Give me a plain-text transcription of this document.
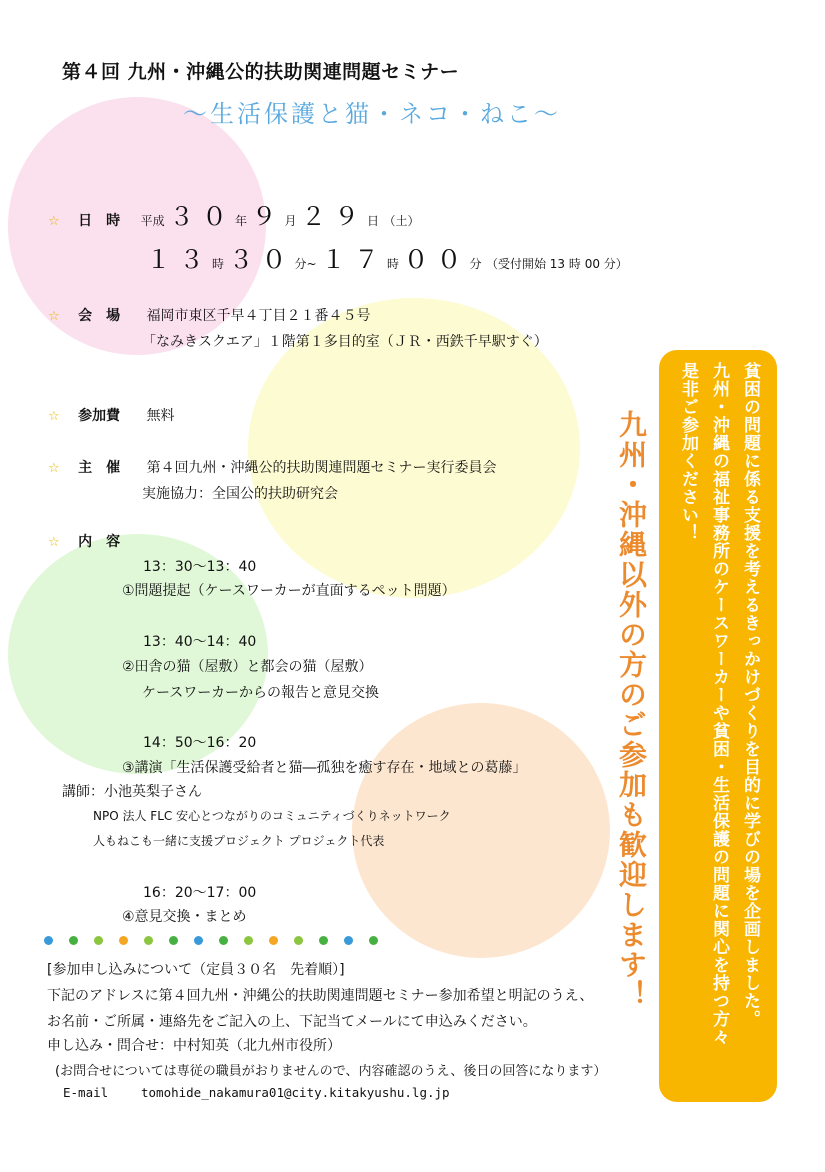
第４回 九州・沖縄公的扶助関連問題セミナー
～生活保護と猫・ネコ・ねこ～
☆ 日　時 平成 ３０年 ９月 ２９日 （土）
１３時 ３０分~ １７時 ００分 （受付開始 13 時 00 分）
☆ 会　場 福岡市東区千早４丁目２１番４５号
「なみきスクエア」１階第１多目的室（ＪＲ・西鉄千早駅すぐ）
☆ 参加費 無料
☆ 主　催 第４回九州・沖縄公的扶助関連問題セミナー実行委員会
実施協力：全国公的扶助研究会
☆ 内　容
13：30～13：40
①問題提起（ケースワーカーが直面するペット問題）
13：40～14：40
②田舎の猫（屋敷）と都会の猫（屋敷）
ケースワーカーからの報告と意見交換
14：50～16：20
③講演「生活保護受給者と猫―孤独を癒す存在・地域との葛藤」
講師：小池英梨子さん
NPO 法人 FLC 安心とつながりのコミュニティづくりネットワーク
人もねこも一緒に支援プロジェクト プロジェクト代表
16：20～17：00
④意見交換・まとめ	九州・沖縄以外の方のご参加も歓迎します！	貧困の問題に係る支援を考えるきっかけづくりを目的に学びの場を企画しました。
九州・沖縄の福祉事務所のケースワーカーや貧困・生活保護の問題に関心を持つ方々
是非ご参加ください！
[参加申し込みについて（定員３０名　先着順）]
下記のアドレスに第４回九州・沖縄公的扶助関連問題セミナー参加希望と明記のうえ、
お名前・ご所属・連絡先をご記入の上、下記当てメールにて申込みください。
申し込み・問合せ：中村知英（北九州市役所）
(お問合せについては専従の職員がおりませんので、内容確認のうえ、後日の回答になります）
E-mail	tomohide_nakamura01@city.kitakyushu.lg.jp
